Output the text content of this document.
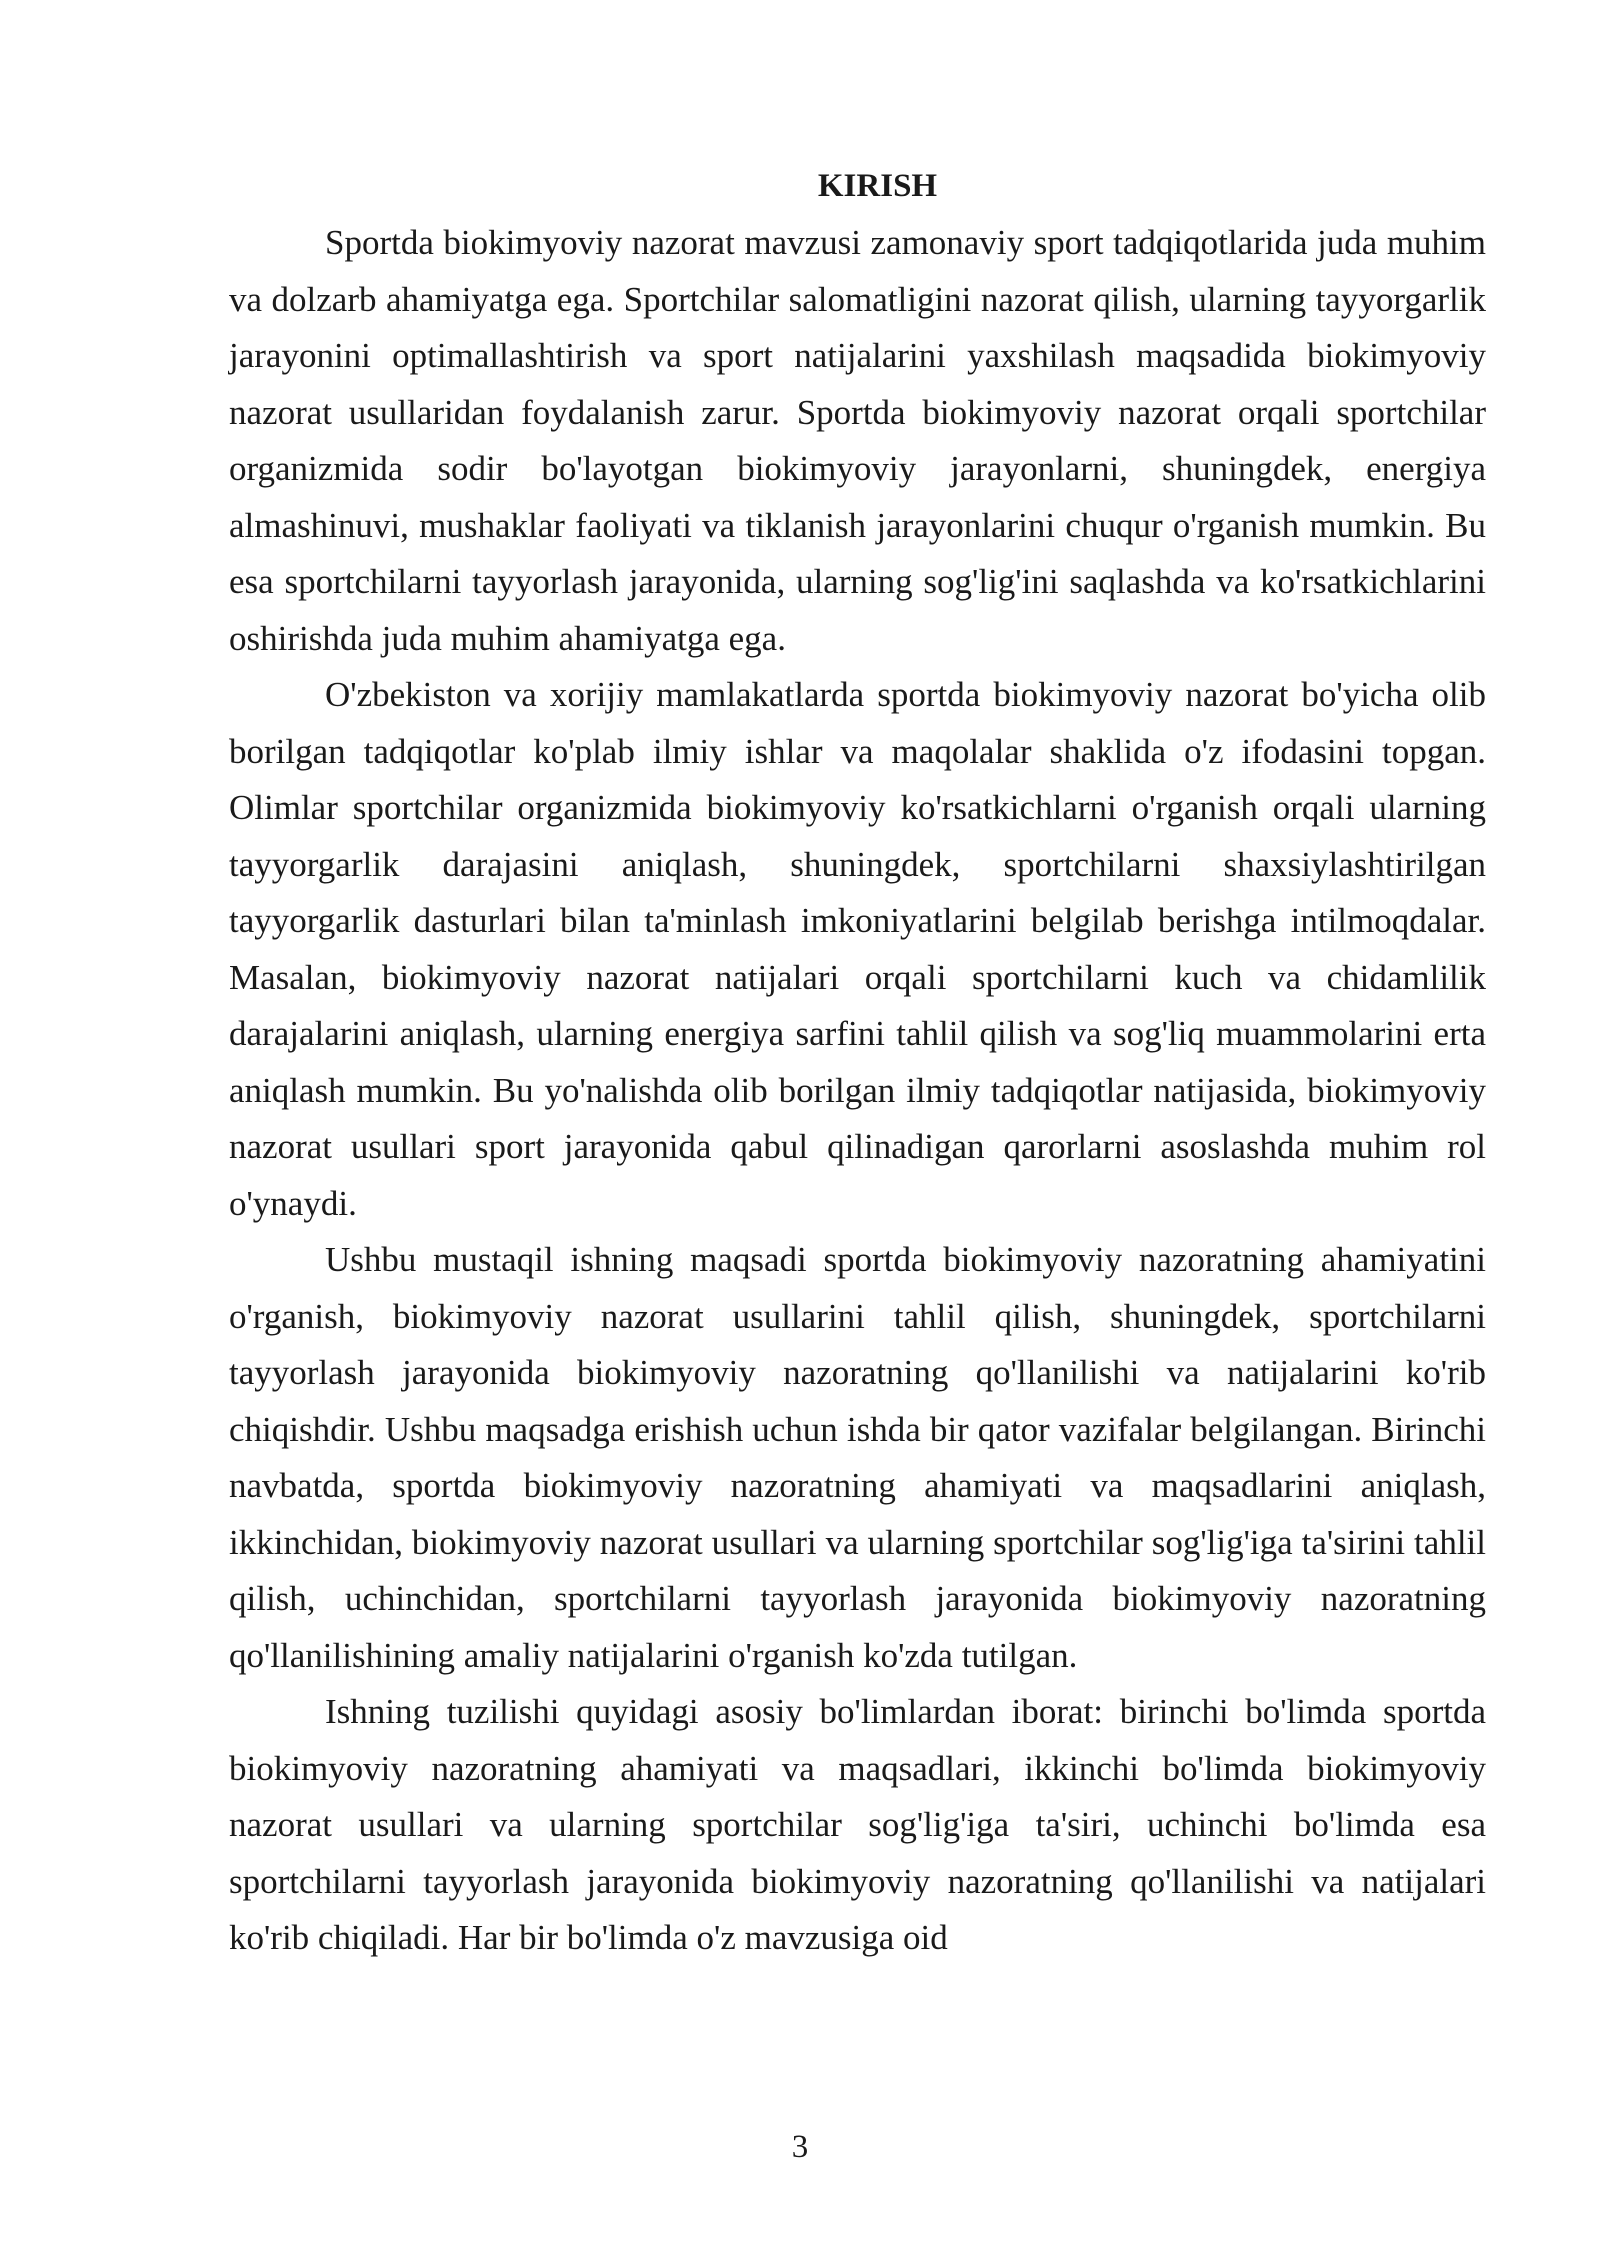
KIRISH

Sportda biokimyoviy nazorat mavzusi zamonaviy sport tadqiqotlarida juda muhim va dolzarb ahamiyatga ega. Sportchilar salomatligini nazorat qilish, ularning tayyorgarlik jarayonini optimallashtirish va sport natijalarini yaxshilash maqsadida biokimyoviy nazorat usullaridan foydalanish zarur. Sportda biokimyoviy nazorat orqali sportchilar organizmida sodir bo'layotgan biokimyoviy jarayonlarni, shuningdek, energiya almashinuvi, mushaklar faoliyati va tiklanish jarayonlarini chuqur o'rganish mumkin. Bu esa sportchilarni tayyorlash jarayonida, ularning sog'lig'ini saqlashda va ko'rsatkichlarini oshirishda juda muhim ahamiyatga ega.

O'zbekiston va xorijiy mamlakatlarda sportda biokimyoviy nazorat bo'yicha olib borilgan tadqiqotlar ko'plab ilmiy ishlar va maqolalar shaklida o'z ifodasini topgan. Olimlar sportchilar organizmida biokimyoviy ko'rsatkichlarni o'rganish orqali ularning tayyorgarlik darajasini aniqlash, shuningdek, sportchilarni shaxsiylashtirilgan tayyorgarlik dasturlari bilan ta'minlash imkoniyatlarini belgilab berishga intilmoqdalar. Masalan, biokimyoviy nazorat natijalari orqali sportchilarni kuch va chidamlilik darajalarini aniqlash, ularning energiya sarfini tahlil qilish va sog'liq muammolarini erta aniqlash mumkin. Bu yo'nalishda olib borilgan ilmiy tadqiqotlar natijasida, biokimyoviy nazorat usullari sport jarayonida qabul qilinadigan qarorlarni asoslashda muhim rol o'ynaydi.

Ushbu mustaqil ishning maqsadi sportda biokimyoviy nazoratning ahamiyatini o'rganish, biokimyoviy nazorat usullarini tahlil qilish, shuningdek, sportchilarni tayyorlash jarayonida biokimyoviy nazoratning qo'llanilishi va natijalarini ko'rib chiqishdir. Ushbu maqsadga erishish uchun ishda bir qator vazifalar belgilangan. Birinchi navbatda, sportda biokimyoviy nazoratning ahamiyati va maqsadlarini aniqlash, ikkinchidan, biokimyoviy nazorat usullari va ularning sportchilar sog'lig'iga ta'sirini tahlil qilish, uchinchidan, sportchilarni tayyorlash jarayonida biokimyoviy nazoratning qo'llanilishining amaliy natijalarini o'rganish ko'zda tutilgan.

Ishning tuzilishi quyidagi asosiy bo'limlardan iborat: birinchi bo'limda sportda biokimyoviy nazoratning ahamiyati va maqsadlari, ikkinchi bo'limda biokimyoviy nazorat usullari va ularning sportchilar sog'lig'iga ta'siri, uchinchi bo'limda esa sportchilarni tayyorlash jarayonida biokimyoviy nazoratning qo'llanilishi va natijalari ko'rib chiqiladi. Har bir bo'limda o'z mavzusiga oid

3
